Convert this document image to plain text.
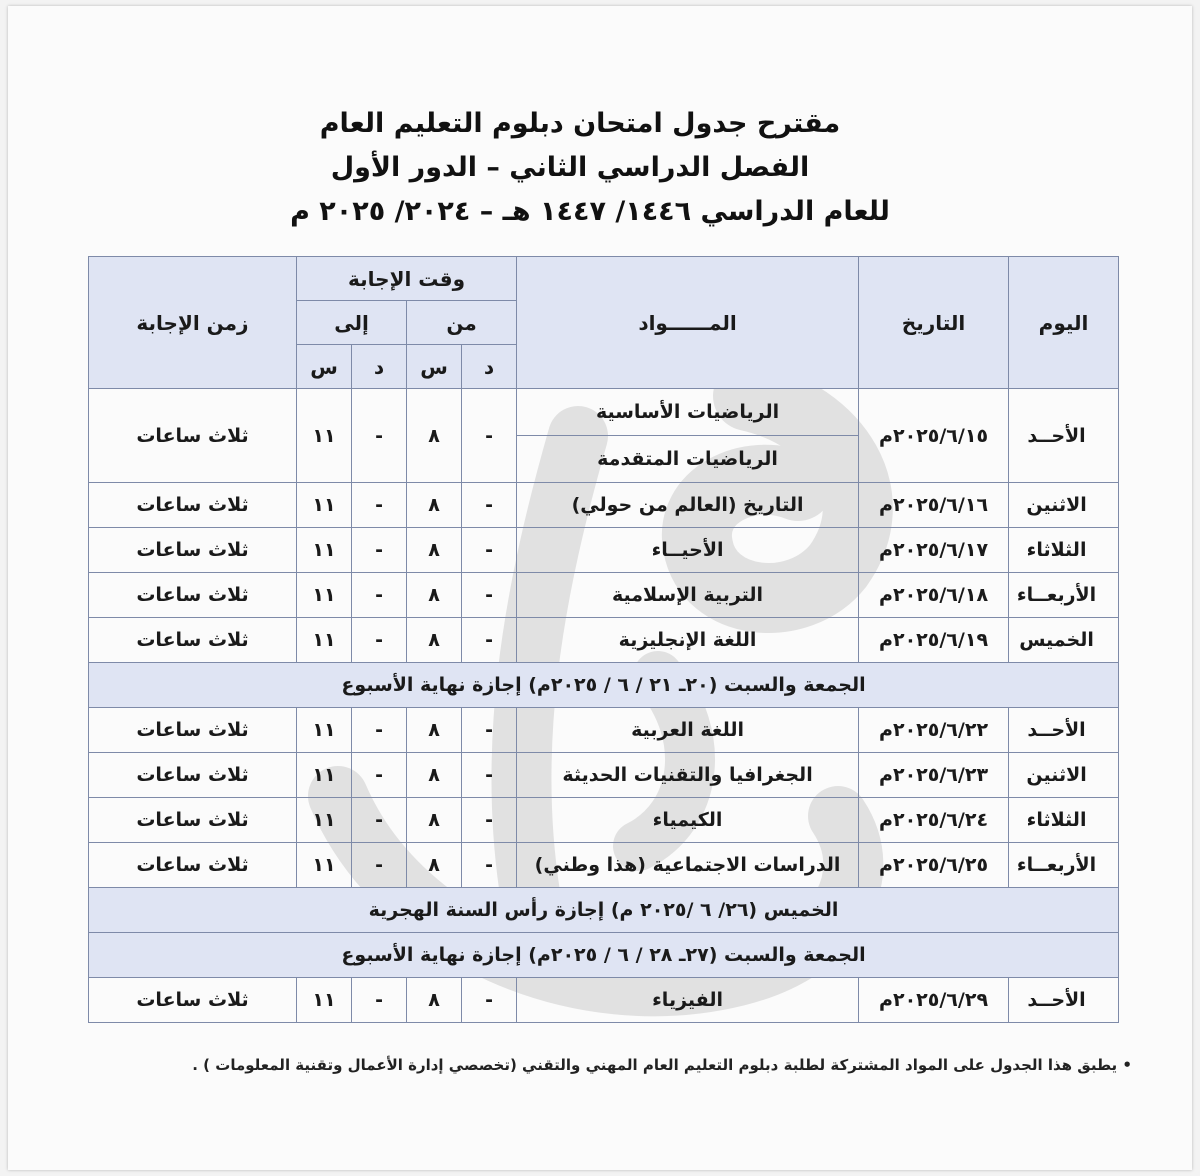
مقترح جدول امتحان دبلوم التعليم العام
الفصل الدراسي الثاني – الدور الأول
للعام الدراسي ١٤٤٦/ ١٤٤٧ هـ – ٢٠٢٤/ ٢٠٢٥ م
اليوم	التاريخ	المــــــواد	وقت الإجابة				زمن الإجابة
			من		إلى		
			د	س	د	س	
الأحــد	٢٠٢٥/٦/١٥م	الرياضيات الأساسية	-	٨	-	١١	ثلاث ساعات
		الرياضيات المتقدمة					
الاثنين	٢٠٢٥/٦/١٦م	التاريخ (العالم من حولي)	-	٨	-	١١	ثلاث ساعات
الثلاثاء	٢٠٢٥/٦/١٧م	الأحيــاء	-	٨	-	١١	ثلاث ساعات
الأربعــاء	٢٠٢٥/٦/١٨م	التربية الإسلامية	-	٨	-	١١	ثلاث ساعات
الخميس	٢٠٢٥/٦/١٩م	اللغة الإنجليزية	-	٨	-	١١	ثلاث ساعات
الجمعة والسبت (٢٠ـ ٢١ / ٦ / ٢٠٢٥م) إجازة نهاية الأسبوع							
الأحــد	٢٠٢٥/٦/٢٢م	اللغة العربية	-	٨	-	١١	ثلاث ساعات
الاثنين	٢٠٢٥/٦/٢٣م	الجغرافيا والتقنيات الحديثة	-	٨	-	١١	ثلاث ساعات
الثلاثاء	٢٠٢٥/٦/٢٤م	الكيمياء	-	٨	-	١١	ثلاث ساعات
الأربعــاء	٢٠٢٥/٦/٢٥م	الدراسات الاجتماعية (هذا وطني)	-	٨	-	١١	ثلاث ساعات
الخميس (٢٦/ ٦ /٢٠٢٥ م) إجازة رأس السنة الهجرية							
الجمعة والسبت (٢٧ـ ٢٨ / ٦ / ٢٠٢٥م) إجازة نهاية الأسبوع							
الأحــد	٢٠٢٥/٦/٢٩م	الفيزياء	-	٨	-	١١	ثلاث ساعات
• يطبق هذا الجدول على المواد المشتركة لطلبة دبلوم التعليم العام المهني والتقني (تخصصي إدارة الأعمال وتقنية المعلومات ) .
